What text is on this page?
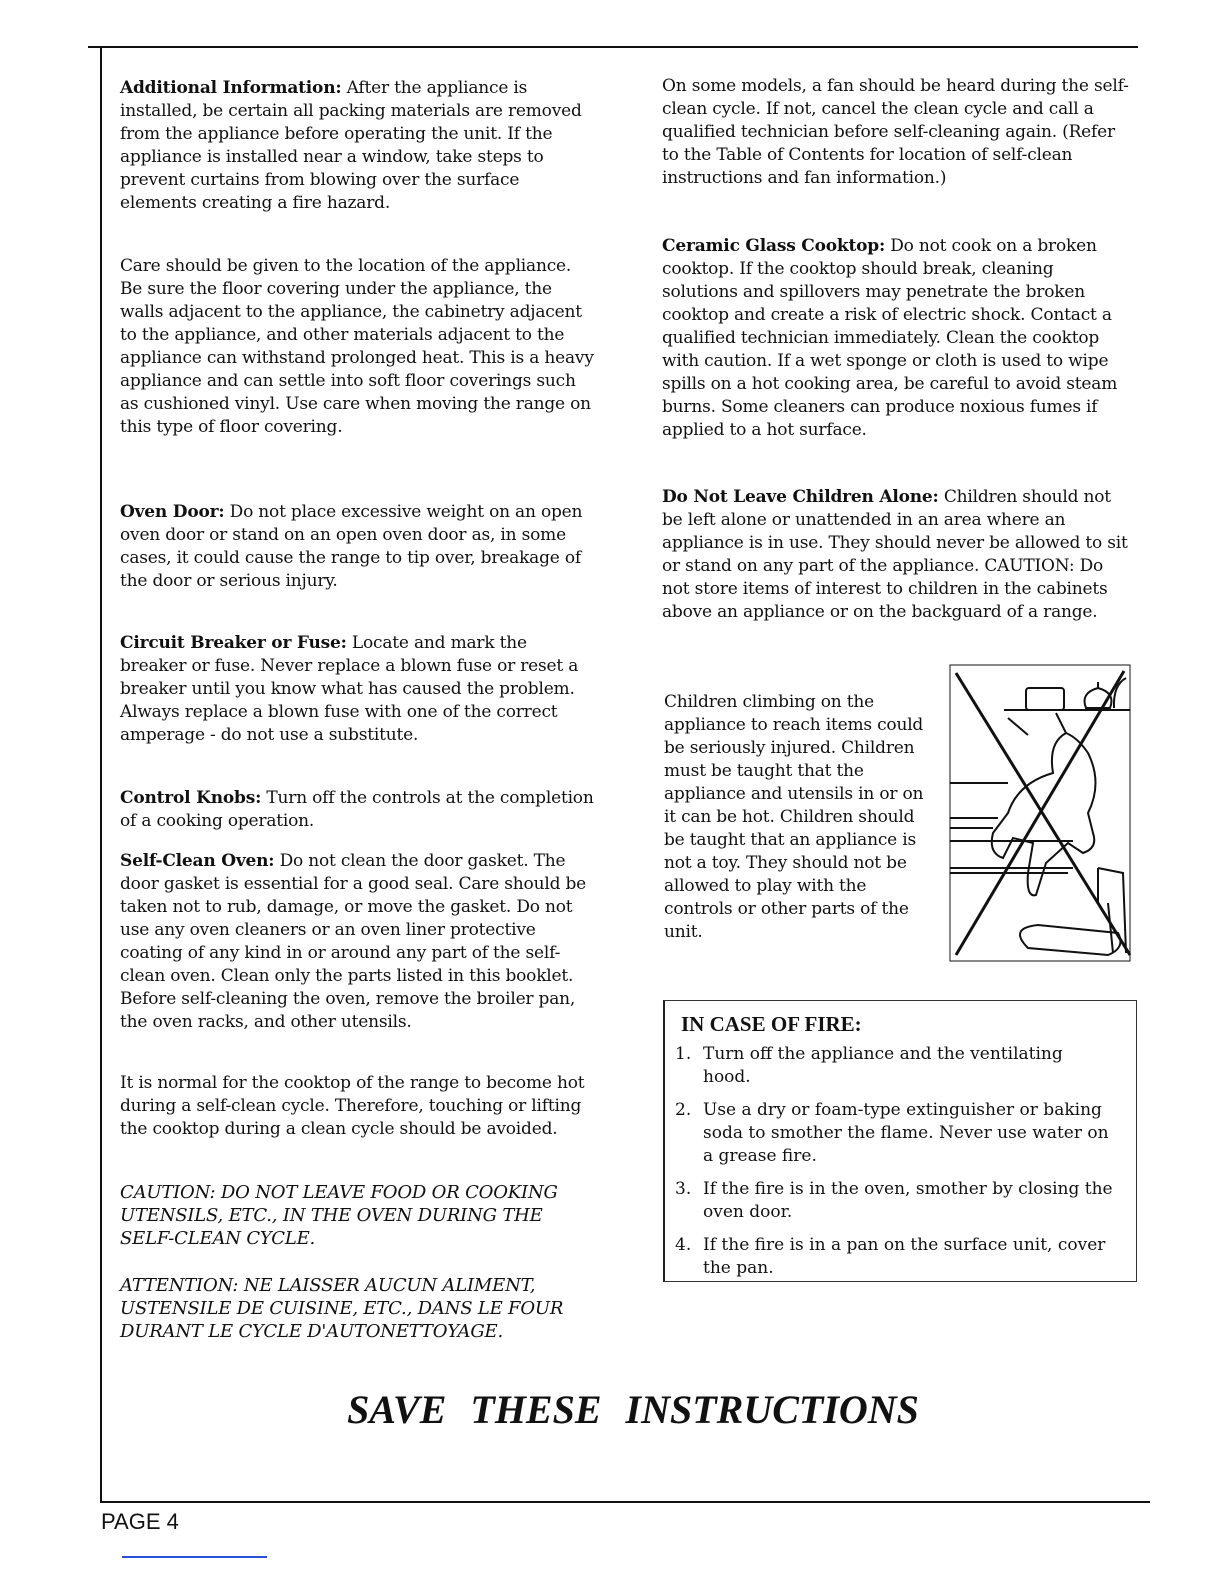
Additional Information: After the appliance is installed, be certain all packing materials are removed from the appliance before operating the unit. If the appliance is installed near a window, take steps to prevent curtains from blowing over the surface elements creating a fire hazard.

Care should be given to the location of the appliance. Be sure the floor covering under the appliance, the walls adjacent to the appliance, the cabinetry adjacent to the appliance, and other materials adjacent to the appliance can withstand prolonged heat. This is a heavy appliance and can settle into soft floor coverings such as cushioned vinyl. Use care when moving the range on this type of floor covering.

Oven Door: Do not place excessive weight on an open oven door or stand on an open oven door as, in some cases, it could cause the range to tip over, breakage of the door or serious injury.

Circuit Breaker or Fuse: Locate and mark the breaker or fuse. Never replace a blown fuse or reset a breaker until you know what has caused the problem. Always replace a blown fuse with one of the correct amperage - do not use a substitute.

Control Knobs: Turn off the controls at the completion of a cooking operation.

Self-Clean Oven: Do not clean the door gasket. The door gasket is essential for a good seal. Care should be taken not to rub, damage, or move the gasket. Do not use any oven cleaners or an oven liner protective coating of any kind in or around any part of the self-clean oven. Clean only the parts listed in this booklet. Before self-cleaning the oven, remove the broiler pan, the oven racks, and other utensils.

It is normal for the cooktop of the range to become hot during a self-clean cycle. Therefore, touching or lifting the cooktop during a clean cycle should be avoided.

CAUTION: DO NOT LEAVE FOOD OR COOKING UTENSILS, ETC., IN THE OVEN DURING THE SELF-CLEAN CYCLE.

ATTENTION: NE LAISSER AUCUN ALIMENT, USTENSILE DE CUISINE, ETC., DANS LE FOUR DURANT LE CYCLE D'AUTONETTOYAGE.

On some models, a fan should be heard during the self-clean cycle. If not, cancel the clean cycle and call a qualified technician before self-cleaning again. (Refer to the Table of Contents for location of self-clean instructions and fan information.)

Ceramic Glass Cooktop: Do not cook on a broken cooktop. If the cooktop should break, cleaning solutions and spillovers may penetrate the broken cooktop and create a risk of electric shock. Contact a qualified technician immediately. Clean the cooktop with caution. If a wet sponge or cloth is used to wipe spills on a hot cooking area, be careful to avoid steam burns. Some cleaners can produce noxious fumes if applied to a hot surface.

Do Not Leave Children Alone: Children should not be left alone or unattended in an area where an appliance is in use. They should never be allowed to sit or stand on any part of the appliance. CAUTION: Do not store items of interest to children in the cabinets above an appliance or on the backguard of a range.

Children climbing on the appliance to reach items could be seriously injured. Children must be taught that the appliance and utensils in or on it can be hot. Children should be taught that an appliance is not a toy. They should not be allowed to play with the controls or other parts of the unit.

IN CASE OF FIRE:
1. Turn off the appliance and the ventilating hood.
2. Use a dry or foam-type extinguisher or baking soda to smother the flame. Never use water on a grease fire.
3. If the fire is in the oven, smother by closing the oven door.
4. If the fire is in a pan on the surface unit, cover the pan.
SAVE THESE INSTRUCTIONS
PAGE 4
